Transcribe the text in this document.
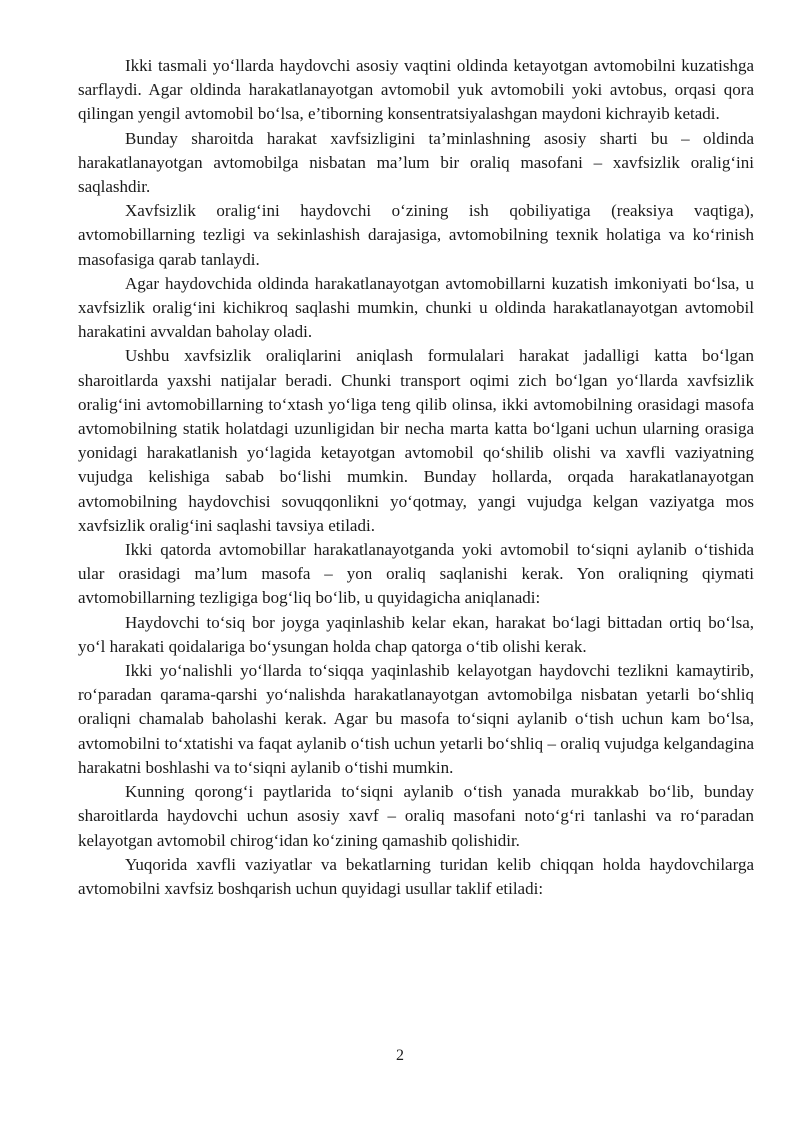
Ikki tasmali yo‘llarda haydovchi asosiy vaqtini oldinda ketayotgan avtomobilni kuzatishga sarflaydi. Agar oldinda harakatlanayotgan avtomobil yuk avtomobili yoki avtobus, orqasi qora qilingan yengil avtomobil bo‘lsa, e’tiborning konsentratsiyalashgan maydoni kichrayib ketadi.

Bunday sharoitda harakat xavfsizligini ta’minlashning asosiy sharti bu – oldinda harakatlanayotgan avtomobilga nisbatan ma’lum bir oraliq masofani – xavfsizlik oralig‘ini saqlashdir.

Xavfsizlik oralig‘ini haydovchi o‘zining ish qobiliyatiga (reaksiya vaqtiga), avtomobillarning tezligi va sekinlashish darajasiga, avtomobilning texnik holatiga va ko‘rinish masofasiga qarab tanlaydi.

Agar haydovchida oldinda harakatlanayotgan avtomobillarni kuzatish imkoniyati bo‘lsa, u xavfsizlik oralig‘ini kichikroq saqlashi mumkin, chunki u oldinda harakatlanayotgan avtomobil harakatini avvaldan baholay oladi.

Ushbu xavfsizlik oraliqlarini aniqlash formulalari harakat jadalligi katta bo‘lgan sharoitlarda yaxshi natijalar beradi. Chunki transport oqimi zich bo‘lgan yo‘llarda xavfsizlik oralig‘ini avtomobillarning to‘xtash yo‘liga teng qilib olinsa, ikki avtomobilning orasidagi masofa avtomobilning statik holatdagi uzunligidan bir necha marta katta bo‘lgani uchun ularning orasiga yonidagi harakatlanish yo‘lagida ketayotgan avtomobil qo‘shilib olishi va xavfli vaziyatning vujudga kelishiga sabab bo‘lishi mumkin. Bunday hollarda, orqada harakatlanayotgan avtomobilning haydovchisi sovuqqonlikni yo‘qotmay, yangi vujudga kelgan vaziyatga mos xavfsizlik oralig‘ini saqlashi tavsiya etiladi.

Ikki qatorda avtomobillar harakatlanayotganda yoki avtomobil to‘siqni aylanib o‘tishida ular orasidagi ma’lum masofa – yon oraliq saqlanishi kerak. Yon oraliqning qiymati avtomobillarning tezligiga bog‘liq bo‘lib, u quyidagicha aniqlanadi:

Haydovchi to‘siq bor joyga yaqinlashib kelar ekan, harakat bo‘lagi bittadan ortiq bo‘lsa, yo‘l harakati qoidalariga bo‘ysungan holda chap qatorga o‘tib olishi kerak.

Ikki yo‘nalishli yo‘llarda to‘siqqa yaqinlashib kelayotgan haydovchi tezlikni kamaytirib, ro‘paradan qarama-qarshi yo‘nalishda harakatlanayotgan avtomobilga nisbatan yetarli bo‘shliq oraliqni chamalab baholashi kerak. Agar bu masofa to‘siqni aylanib o‘tish uchun kam bo‘lsa, avtomobilni to‘xtatishi va faqat aylanib o‘tish uchun yetarli bo‘shliq – oraliq vujudga kelgandagina harakatni boshlashi va to‘siqni aylanib o‘tishi mumkin.

Kunning qorong‘i paytlarida to‘siqni aylanib o‘tish yanada murakkab bo‘lib, bunday sharoitlarda haydovchi uchun asosiy xavf – oraliq masofani noto‘g‘ri tanlashi va ro‘paradan kelayotgan avtomobil chirog‘idan ko‘zining qamashib qolishidir.

Yuqorida xavfli vaziyatlar va bekatlarning turidan kelib chiqqan holda haydovchilarga avtomobilni xavfsiz boshqarish uchun quyidagi usullar taklif etiladi:

2
